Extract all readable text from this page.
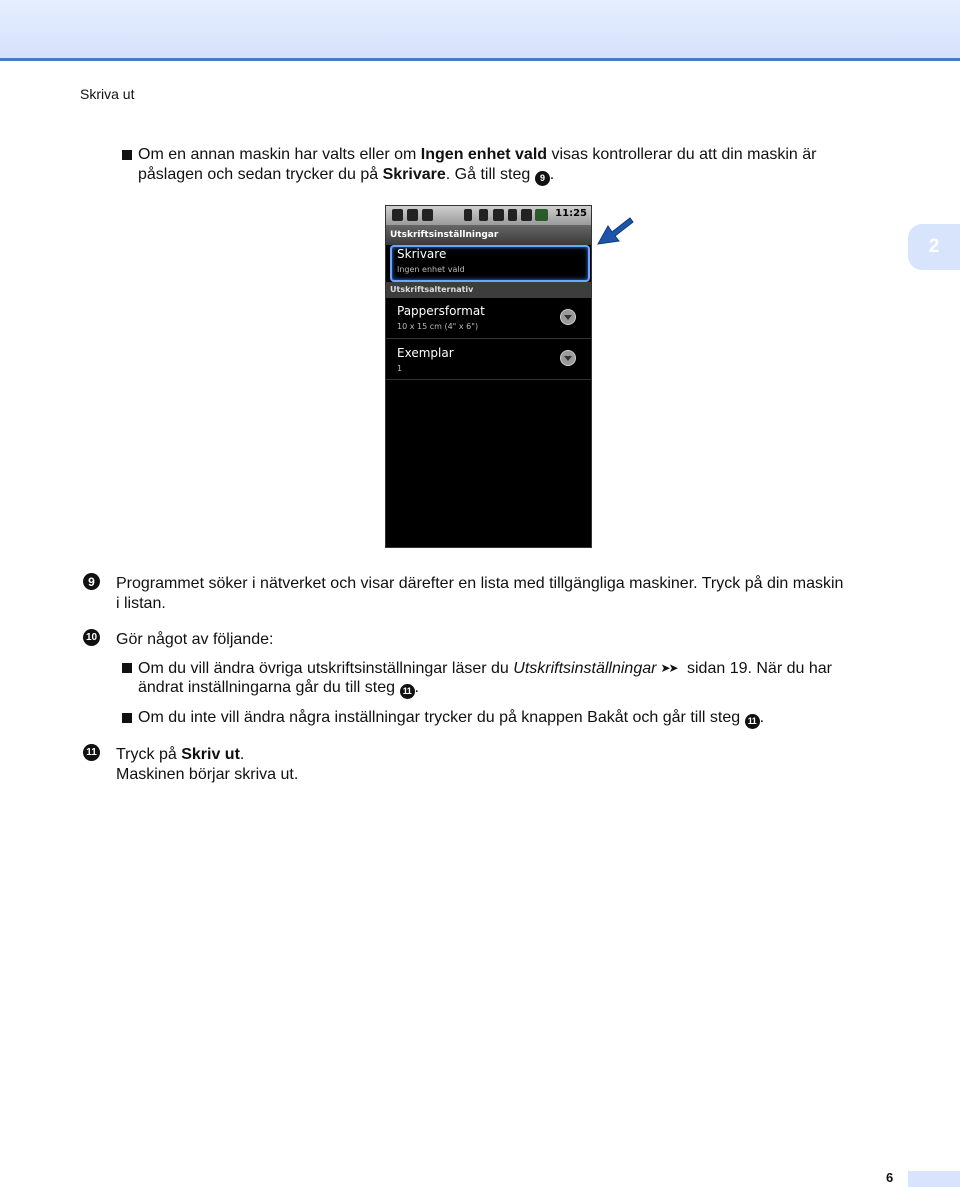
Skriva ut
2
Om en annan maskin har valts eller om Ingen enhet vald visas kontrollerar du att din maskin är
påslagen och sedan trycker du på Skrivare. Gå till steg 9 .
11:25
Utskriftsinställningar
Skrivare
Ingen enhet vald
Utskriftsalternativ
Pappersformat
10 x 15 cm (4" x 6")
Exemplar
1
9	Programmet söker i nätverket och visar därefter en lista med tillgängliga maskiner. Tryck på din maskin
i listan.
10 Gör något av följande:
Om du vill ändra övriga utskriftsinställningar läser du Utskriftsinställningar ➤➤ sidan 19. När du har
ändrat inställningarna går du till steg 11 .
Om du inte vill ändra några inställningar trycker du på knappen Bakåt och går till steg 11 .
11 Tryck på Skriv ut.
Maskinen börjar skriva ut.
6
